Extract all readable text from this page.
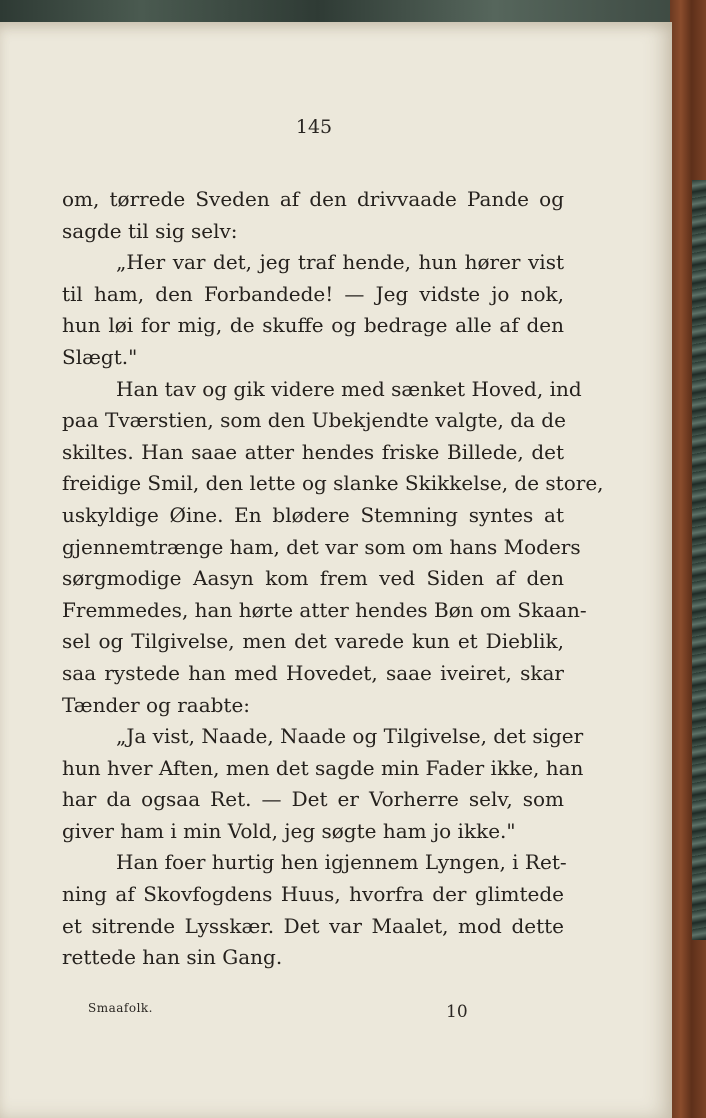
145
om, tørrede Sveden af den drivvaade Pande og
sagde til sig selv:
„Her var det, jeg traf hende, hun hører vist
til ham, den Forbandede! — Jeg vidste jo nok,
hun løi for mig, de skuffe og bedrage alle af den
Slægt."
Han tav og gik videre med sænket Hoved, ind
paa Tværstien, som den Ubekjendte valgte, da de
skiltes. Han saae atter hendes friske Billede, det
freidige Smil, den lette og slanke Skikkelse, de store,
uskyldige Øine. En blødere Stemning syntes at
gjennemtrænge ham, det var som om hans Moders
sørgmodige Aasyn kom frem ved Siden af den
Fremmedes, han hørte atter hendes Bøn om Skaan-
sel og Tilgivelse, men det varede kun et Dieblik,
saa rystede han med Hovedet, saae iveiret, skar
Tænder og raabte:
„Ja vist, Naade, Naade og Tilgivelse, det siger
hun hver Aften, men det sagde min Fader ikke, han
har da ogsaa Ret. — Det er Vorherre selv, som
giver ham i min Vold, jeg søgte ham jo ikke."
Han foer hurtig hen igjennem Lyngen, i Ret-
ning af Skovfogdens Huus, hvorfra der glimtede
et sitrende Lysskær. Det var Maalet, mod dette
rettede han sin Gang.
Smaafolk.	10
